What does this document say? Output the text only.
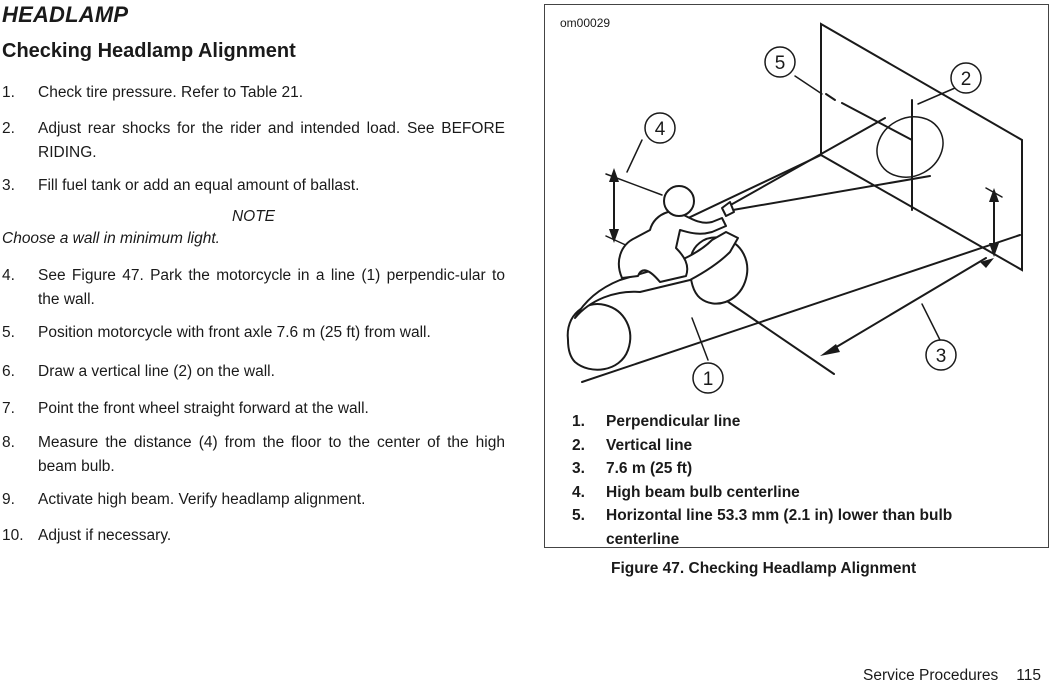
HEADLAMP
Checking Headlamp Alignment
1. Check tire pressure. Refer to Table 21.
2. Adjust rear shocks for the rider and intended load. See BEFORE RIDING.
3. Fill fuel tank or add an equal amount of ballast.
NOTE
Choose a wall in minimum light.
4. See Figure 47. Park the motorcycle in a line (1) perpendic-ular to the wall.
5. Position motorcycle with front axle 7.6 m (25 ft) from wall.
6. Draw a vertical line (2) on the wall.
7. Point the front wheel straight forward at the wall.
8. Measure the distance (4) from the floor to the center of the high beam bulb.
9. Activate high beam. Verify headlamp alignment.
10. Adjust if necessary.
om00029
5
2
4
3
1
1. Perpendicular line
2. Vertical line
3. 7.6 m (25 ft)
4. High beam bulb centerline
5. Horizontal line 53.3 mm (2.1 in) lower than bulb centerline
Figure 47. Checking Headlamp Alignment
Service Procedures 115
